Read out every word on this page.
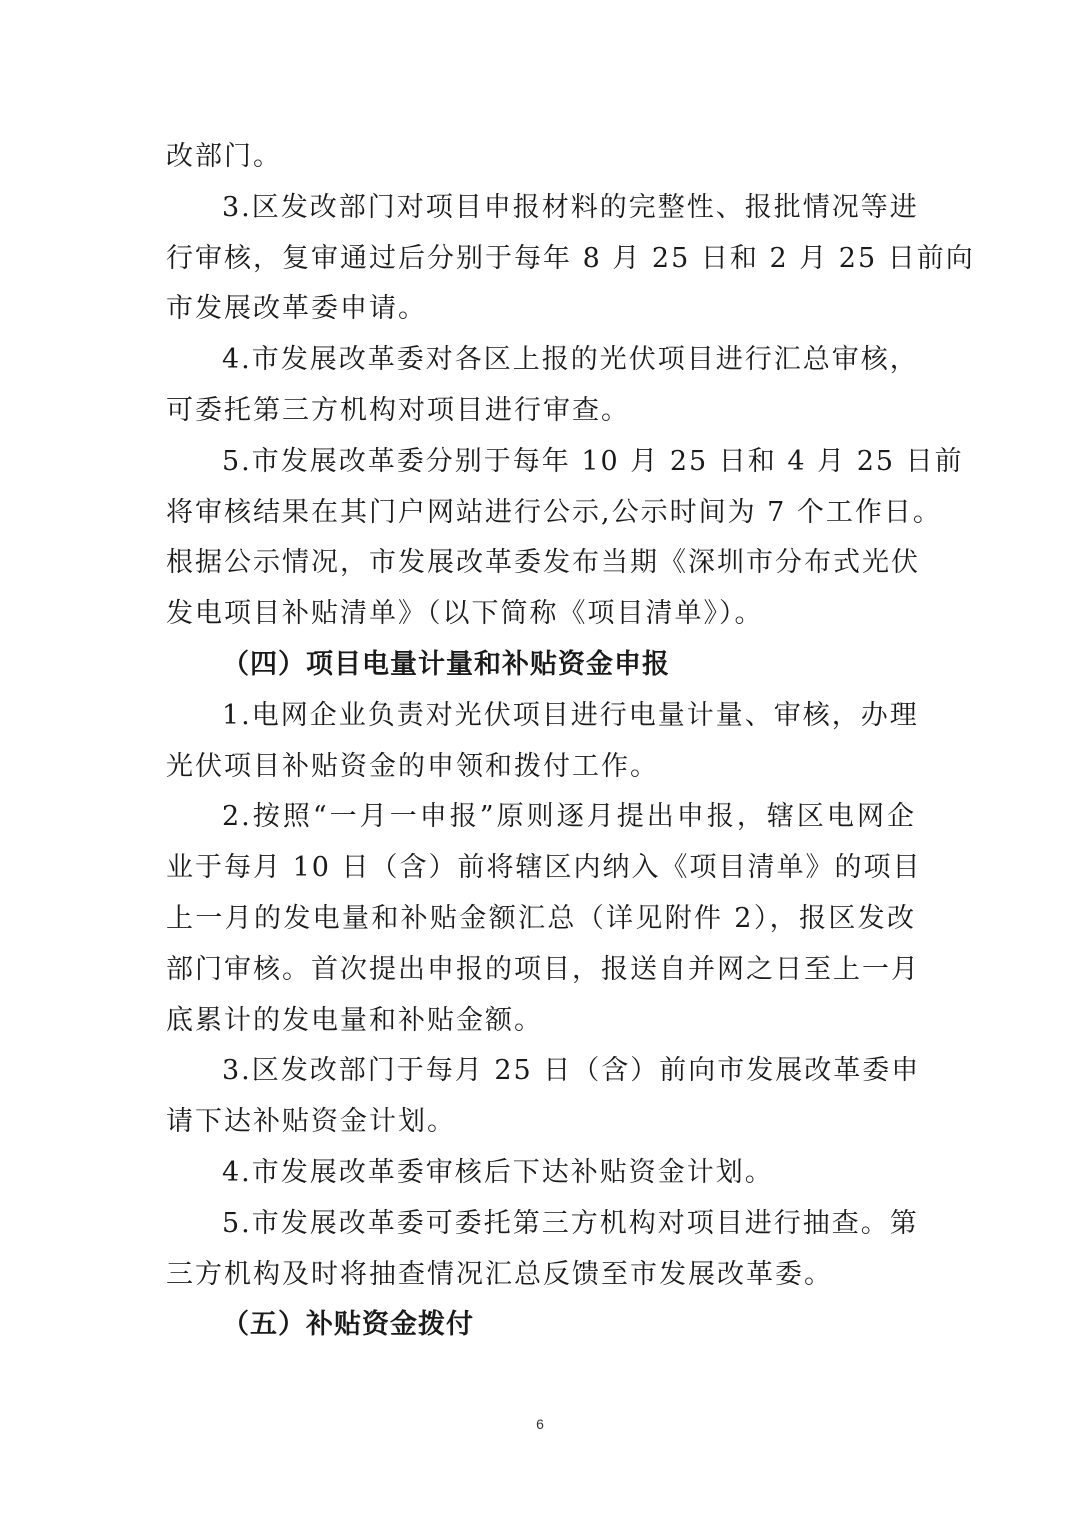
改部门。
3.区发改部门对项目申报材料的完整性、报批情况等进
行审核，复审通过后分别于每年 8 月 25 日和 2 月 25 日前向
市发展改革委申请。
4.市发展改革委对各区上报的光伏项目进行汇总审核，
可委托第三方机构对项目进行审查。
5.市发展改革委分别于每年 10 月 25 日和 4 月 25 日前
将审核结果在其门户网站进行公示,公示时间为 7 个工作日。
根据公示情况，市发展改革委发布当期《深圳市分布式光伏
发电项目补贴清单》（以下简称《项目清单》）。
（四）项目电量计量和补贴资金申报
1.电网企业负责对光伏项目进行电量计量、审核，办理
光伏项目补贴资金的申领和拨付工作。
2.按照“一月一申报”原则逐月提出申报，辖区电网企
业于每月 10 日（含）前将辖区内纳入《项目清单》的项目
上一月的发电量和补贴金额汇总（详见附件 2），报区发改
部门审核。首次提出申报的项目，报送自并网之日至上一月
底累计的发电量和补贴金额。
3.区发改部门于每月 25 日（含）前向市发展改革委申
请下达补贴资金计划。
4.市发展改革委审核后下达补贴资金计划。
5.市发展改革委可委托第三方机构对项目进行抽查。第
三方机构及时将抽查情况汇总反馈至市发展改革委。
（五）补贴资金拨付
6
